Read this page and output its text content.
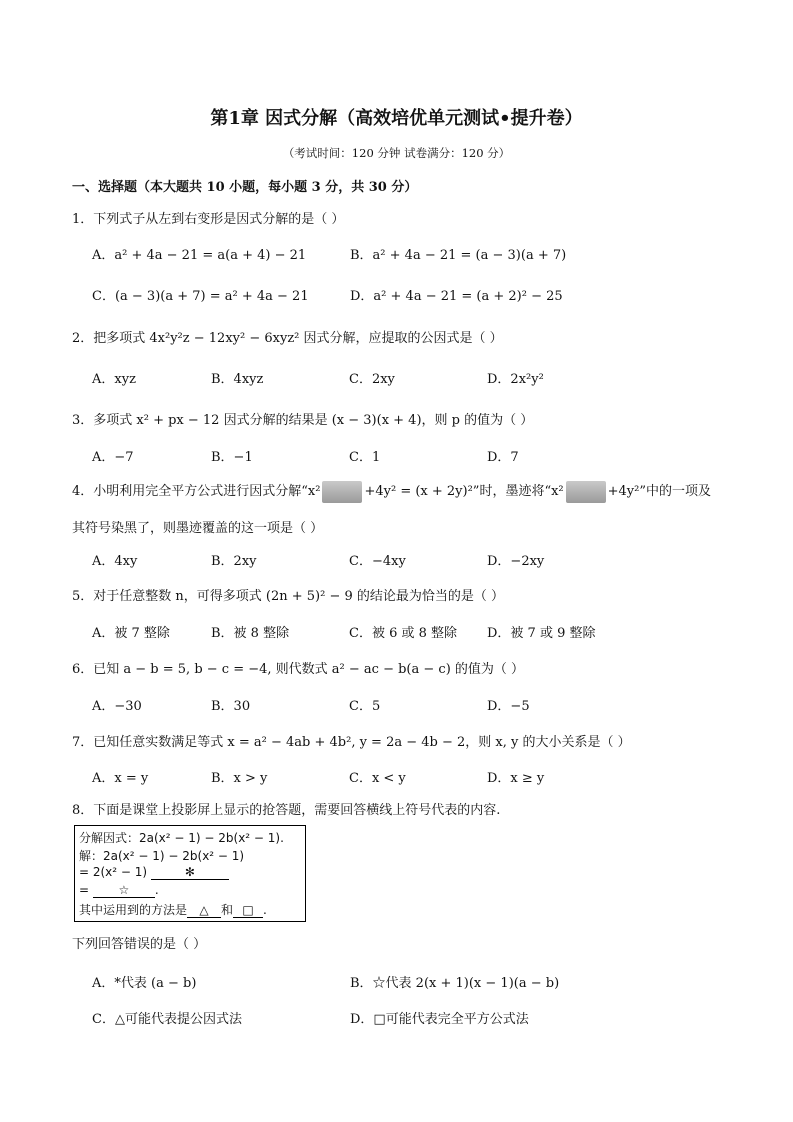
第1章 因式分解（高效培优单元测试•提升卷）
（考试时间：120 分钟 试卷满分：120 分）
一、选择题（本大题共 10 小题，每小题 3 分，共 30 分）
1．下列式子从左到右变形是因式分解的是（ ）
A．a² + 4a − 21 = a(a + 4) − 21	B．a² + 4a − 21 = (a − 3)(a + 7)
C．(a − 3)(a + 7) = a² + 4a − 21	D．a² + 4a − 21 = (a + 2)² − 25
2．把多项式 4x²y²z − 12xy² − 6xyz² 因式分解，应提取的公因式是（ ）
A．xyz	B．4xyz	C．2xy	D．2x²y²
3．多项式 x² + px − 12 因式分解的结果是 (x − 3)(x + 4)，则 p 的值为（ ）
A．−7	B．−1	C．1	D．7
4．小明利用完全平方公式进行因式分解“x²	+4y² = (x + 2y)²”时，墨迹将“x²	+4y²”中的一项及
其符号染黑了，则墨迹覆盖的这一项是（ ）
A．4xy	B．2xy	C．−4xy	D．−2xy
5．对于任意整数 n，可得多项式 (2n + 5)² − 9 的结论最为恰当的是（ ）
A．被 7 整除	B．被 8 整除	C．被 6 或 8 整除 D．被 7 或 9 整除
6．已知 a − b = 5, b − c = −4, 则代数式 a² − ac − b(a − c) 的值为（ ）
A．−30	B．30	C．5	D．−5
7．已知任意实数满足等式 x = a² − 4ab + 4b², y = 2a − 4b − 2，则 x, y 的大小关系是（ ）
A．x = y	B．x > y	C．x < y	D．x ≥ y
8．下面是课堂上投影屏上显示的抢答题，需要回答横线上符号代表的内容.
分解因式：2a(x² − 1) − 2b(x² − 1).
解：2a(x² − 1) − 2b(x² − 1)
= 2(x² − 1)	✻
= ☆ .
其中运用到的方法是 △ 和 □ .
下列回答错误的是（ ）
A．*代表 (a − b)	B．☆代表 2(x + 1)(x − 1)(a − b)
C．△可能代表提公因式法	D．□可能代表完全平方公式法
